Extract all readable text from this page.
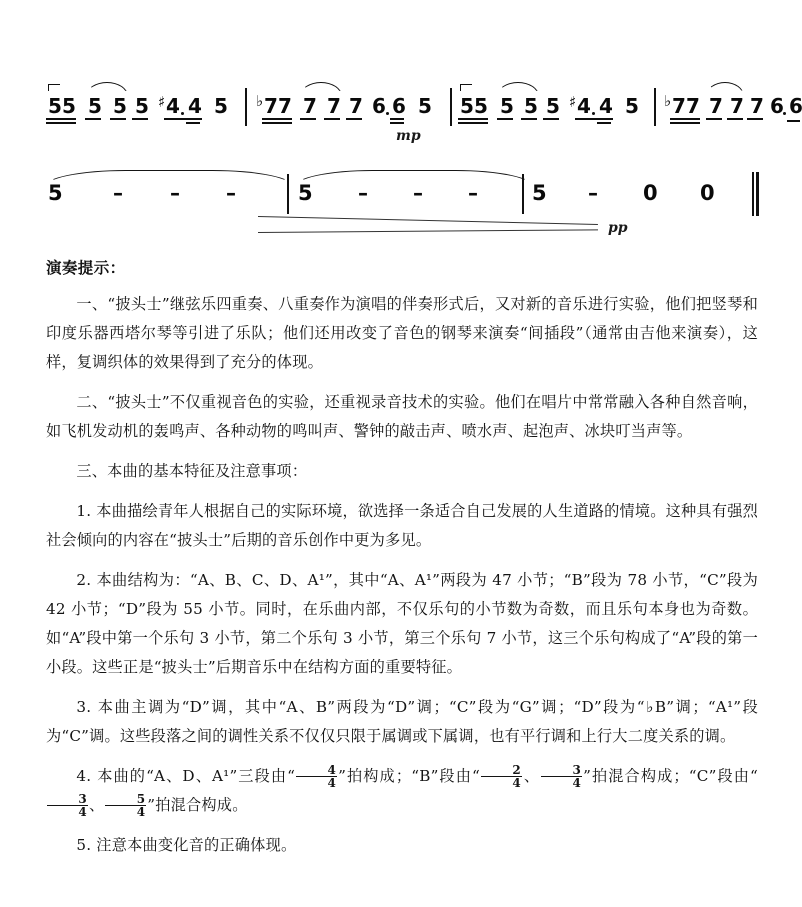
5 5 5 5 5 ♯ 4 4 5 ♭ 7 7 7 7 7 6 6 5 5 5 5 5 5 ♯ 4 4 5 ♭ 7 7 7 7 7 6 6
mp
5	– – –	5 – – –	5 – 0 0
pp
演奏提示：

一、“披头士”继弦乐四重奏、八重奏作为演唱的伴奏形式后，又对新的音乐进行实验，他们把竖琴和印度乐器西塔尔琴等引进了乐队；他们还用改变了音色的钢琴来演奏“间插段”（通常由吉他来演奏），这样，复调织体的效果得到了充分的体现。

二、“披头士”不仅重视音色的实验，还重视录音技术的实验。他们在唱片中常常融入各种自然音响，如飞机发动机的轰鸣声、各种动物的鸣叫声、警钟的敲击声、喷水声、起泡声、冰块叮当声等。

三、本曲的基本特征及注意事项：

1. 本曲描绘青年人根据自己的实际环境，欲选择一条适合自己发展的人生道路的情境。这种具有强烈社会倾向的内容在“披头士”后期的音乐创作中更为多见。

2. 本曲结构为：“A、B、C、D、A¹”，其中“A、A¹”两段为 47 小节；“B”段为 78 小节，“C”段为 42 小节；“D”段为 55 小节。同时，在乐曲内部，不仅乐句的小节数为奇数，而且乐句本身也为奇数。如“A”段中第一个乐句 3 小节，第二个乐句 3 小节，第三个乐句 7 小节，这三个乐句构成了“A”段的第一小段。这些正是“披头士”后期音乐中在结构方面的重要特征。

3. 本曲主调为“D”调，其中“A、B”两段为“D”调；“C”段为“G”调；“D”段为“♭B”调；“A¹”段为“C”调。这些段落之间的调性关系不仅仅只限于属调或下属调，也有平行调和上行大二度关系的调。

4. 本曲的“A、D、A¹”三段由“ $\frac{4}{4}$ ”拍构成；“B”段由“ $\frac{2}{4}$ 、 $\frac{3}{4}$ ”拍混合构成；“C”段由“
$\frac{3}{4}$ 、 $\frac{5}{4}$ ”拍混合构成。

5. 注意本曲变化音的正确体现。
